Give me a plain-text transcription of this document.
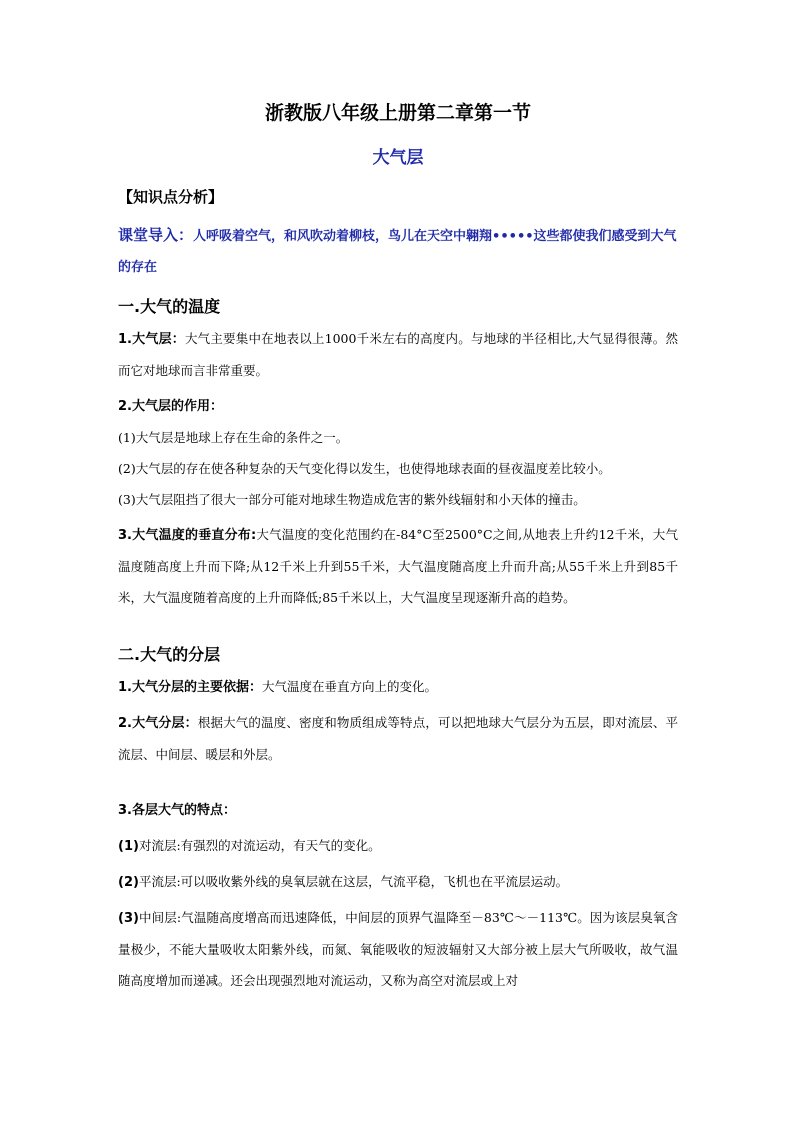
浙教版八年级上册第二章第一节
大气层
【知识点分析】
课堂导入：人呼吸着空气，和风吹动着柳枝，鸟儿在天空中翱翔•••••这些都使我们感受到大气的存在
一.大气的温度
1.大气层：大气主要集中在地表以上1000千米左右的高度内。与地球的半径相比,大气显得很薄。然而它对地球而言非常重要。
2.大气层的作用：
(1)大气层是地球上存在生命的条件之一。
(2)大气层的存在使各种复杂的天气变化得以发生，也使得地球表面的昼夜温度差比较小。
(3)大气层阻挡了很大一部分可能对地球生物造成危害的紫外线辐射和小天体的撞击。
3.大气温度的垂直分布:大气温度的变化范围约在-84°C至2500°C之间,从地表上升约12千米，大气温度随高度上升而下降;从12千米上升到55千米，大气温度随高度上升而升高;从55千米上升到85千米，大气温度随着高度的上升而降低;85千米以上，大气温度呈现逐渐升高的趋势。
二.大气的分层
1.大气分层的主要依据：大气温度在垂直方向上的变化。
2.大气分层：根据大气的温度、密度和物质组成等特点，可以把地球大气层分为五层，即对流层、平流层、中间层、暖层和外层。
3.各层大气的特点：
(1)对流层:有强烈的对流运动，有天气的变化。
(2)平流层:可以吸收紫外线的臭氧层就在这层，气流平稳，飞机也在平流层运动。
(3)中间层:气温随高度增高而迅速降低，中间层的顶界气温降至－83℃～－113℃。因为该层臭氧含量极少，不能大量吸收太阳紫外线，而氮、氧能吸收的短波辐射又大部分被上层大气所吸收，故气温随高度增加而递减。还会出现强烈地对流运动，又称为高空对流层或上对
